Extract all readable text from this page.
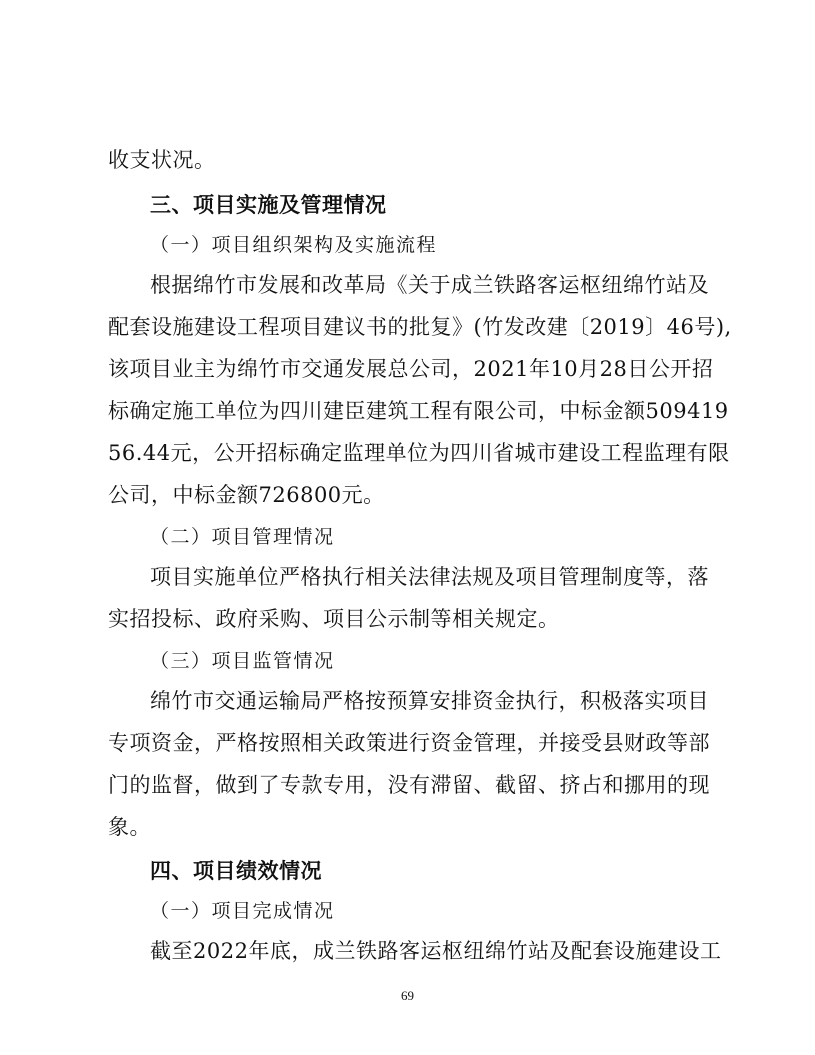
收支状况。
三、项目实施及管理情况
（一）项目组织架构及实施流程
根据绵竹市发展和改革局《关于成兰铁路客运枢纽绵竹站及
配套设施建设工程项目建议书的批复》(竹发改建〔2019〕46号),
该项目业主为绵竹市交通发展总公司，2021年10月28日公开招
标确定施工单位为四川建臣建筑工程有限公司，中标金额509419
56.44元，公开招标确定监理单位为四川省城市建设工程监理有限
公司，中标金额726800元。
（二）项目管理情况
项目实施单位严格执行相关法律法规及项目管理制度等，落
实招投标、政府采购、项目公示制等相关规定。
（三）项目监管情况
绵竹市交通运输局严格按预算安排资金执行，积极落实项目
专项资金，严格按照相关政策进行资金管理，并接受县财政等部
门的监督，做到了专款专用，没有滞留、截留、挤占和挪用的现
象。
四、项目绩效情况
（一）项目完成情况
截至2022年底，成兰铁路客运枢纽绵竹站及配套设施建设工
69
